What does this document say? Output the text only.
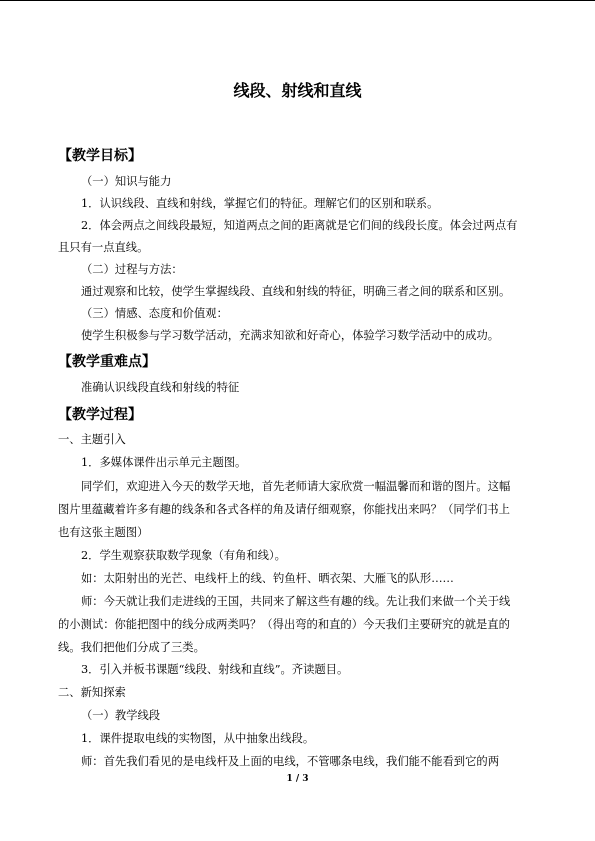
线段、射线和直线
【教学目标】
（一）知识与能力
1．认识线段、直线和射线，掌握它们的特征。理解它们的区别和联系。
2．体会两点之间线段最短，知道两点之间的距离就是它们间的线段长度。体会过两点有
且只有一点直线。
（二）过程与方法：
通过观察和比较，使学生掌握线段、直线和射线的特征，明确三者之间的联系和区别。
（三）情感、态度和价值观：
使学生积极参与学习数学活动，充满求知欲和好奇心，体验学习数学活动中的成功。
【教学重难点】
准确认识线段直线和射线的特征
【教学过程】
一、主题引入
1．多媒体课件出示单元主题图。
同学们，欢迎进入今天的数学天地，首先老师请大家欣赏一幅温馨而和谐的图片。这幅
图片里蕴藏着许多有趣的线条和各式各样的角及请仔细观察，你能找出来吗？（同学们书上
也有这张主题图）
2．学生观察获取数学现象（有角和线）。
如：太阳射出的光芒、电线杆上的线、钓鱼杆、晒衣架、大雁飞的队形……
师：今天就让我们走进线的王国，共同来了解这些有趣的线。先让我们来做一个关于线
的小测试：你能把图中的线分成两类吗？（得出弯的和直的）今天我们主要研究的就是直的
线。我们把他们分成了三类。
3．引入并板书课题“线段、射线和直线”。齐读题目。
二、新知探索
（一）教学线段
1．课件提取电线的实物图，从中抽象出线段。
师：首先我们看见的是电线杆及上面的电线，不管哪条电线，我们能不能看到它的两
1 / 3
